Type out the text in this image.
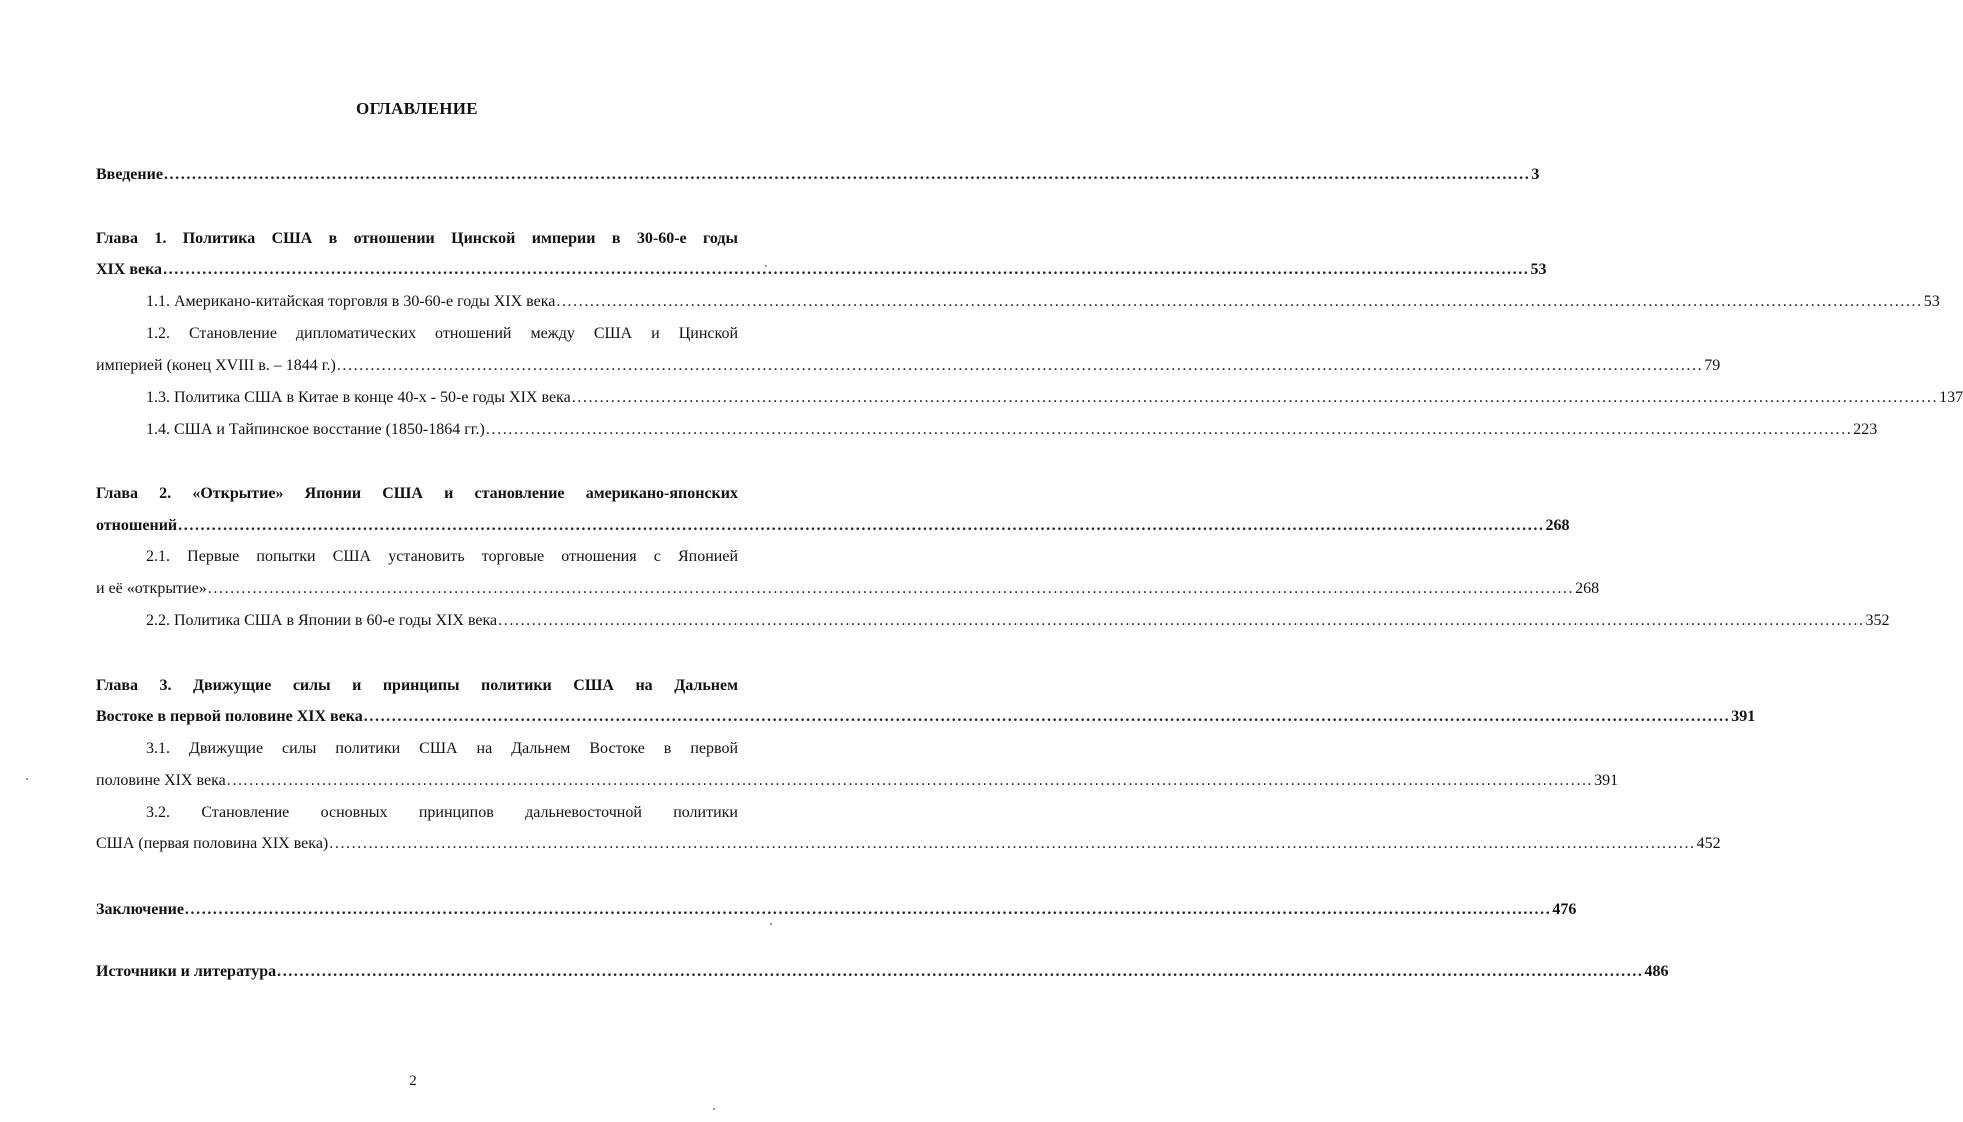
ОГЛАВЛЕНИЕ
Введение .....	3
Глава 1. Политика США в отношении Цинской империи в 30-60-е годы
XIX века .....	53
1.1. Американо-китайская торговля в 30-60-е годы XIX века .....	53
1.2. Становление дипломатических отношений между США и Цинской
империей (конец XVIII в. – 1844 г.) .....	79
1.3. Политика США в Китае в конце 40-х - 50-е годы XIX века .....	137
1.4. США и Тайпинское восстание (1850-1864 гг.) .....	223
Глава 2. «Открытие» Японии США и становление американо-японских
отношений .....	268
2.1. Первые попытки США установить торговые отношения с Японией
и её «открытие» .....	268
2.2. Политика США в Японии в 60-е годы XIX века .....	352
Глава 3. Движущие силы и принципы политики США на Дальнем
Востоке в первой половине XIX века .....	391
3.1. Движущие силы политики США на Дальнем Востоке в первой
половине XIX века .....	391
3.2. Становление основных принципов дальневосточной политики
США (первая половина XIX века) .....	452
Заключение .....	476
Источники и литература .....	486
2
